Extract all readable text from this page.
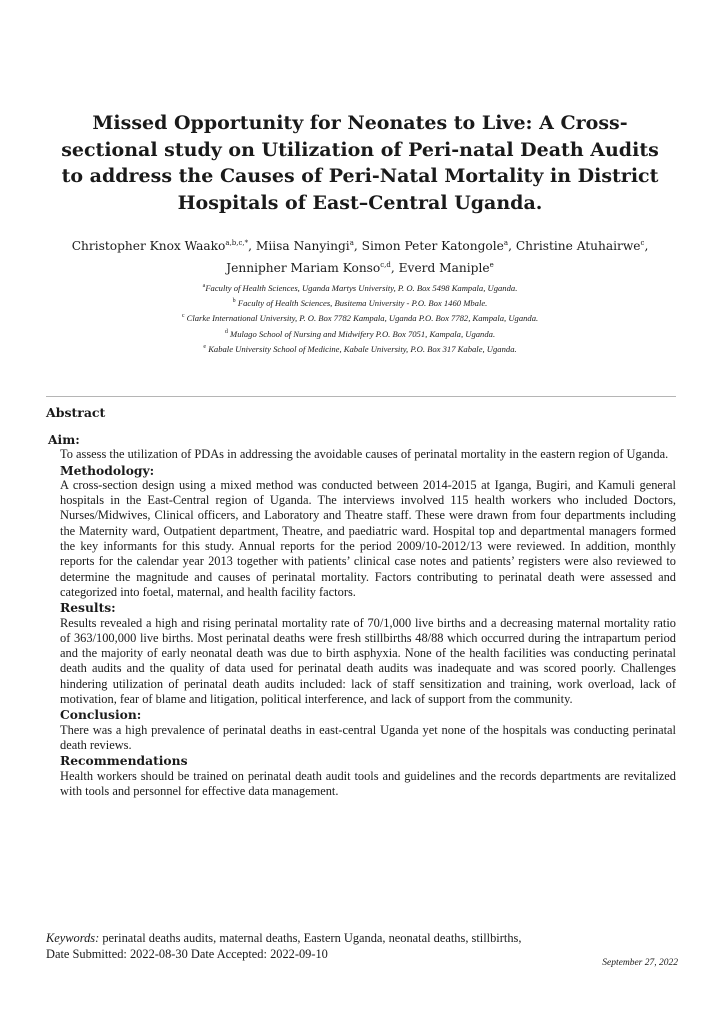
Missed Opportunity for Neonates to Live: A Cross-sectional study on Utilization of Peri-natal Death Audits to address the Causes of Peri-Natal Mortality in District Hospitals of East–Central Uganda.
Christopher Knox Waako$^{a,b,c,*}$, Miisa Nanyingi$^a$, Simon Peter Katongole$^a$, Christine Atuhairwe$^c$,
Jennipher Mariam Konso$^{c,d}$, Everd Maniple$^e$
$^a$Faculty of Health Sciences, Uganda Martys University, P. O. Box 5498 Kampala, Uganda.
$^b$ Faculty of Health Sciences, Busitema University - P.O. Box 1460 Mbale.
$^c$ Clarke International University, P. O. Box 7782 Kampala, Uganda P.O. Box 7782, Kampala, Uganda.
$^d$ Mulago School of Nursing and Midwifery P.O. Box 7051, Kampala, Uganda.
$^e$ Kabale University School of Medicine, Kabale University, P.O. Box 317 Kabale, Uganda.
Abstract
Aim:

To assess the utilization of PDAs in addressing the avoidable causes of perinatal mortality in the eastern region of Uganda.

Methodology:

A cross-section design using a mixed method was conducted between 2014-2015 at Iganga, Bugiri, and Kamuli general hospitals in the East-Central region of Uganda. The interviews involved 115 health workers who included Doctors, Nurses/Midwives, Clinical officers, and Laboratory and Theatre staff. These were drawn from four departments including the Maternity ward, Outpatient department, Theatre, and paediatric ward. Hospital top and departmental managers formed the key informants for this study. Annual reports for the period 2009/10-2012/13 were reviewed. In addition, monthly reports for the calendar year 2013 together with patients’ clinical case notes and patients’ registers were also reviewed to determine the magnitude and causes of perinatal mortality. Factors contributing to perinatal death were assessed and categorized into foetal, maternal, and health facility factors.

Results:

Results revealed a high and rising perinatal mortality rate of 70/1,000 live births and a decreasing maternal mortality ratio of 363/100,000 live births. Most perinatal deaths were fresh stillbirths 48/88 which occurred during the intrapartum period and the majority of early neonatal death was due to birth asphyxia. None of the health facilities was conducting perinatal death audits and the quality of data used for perinatal death audits was inadequate and was scored poorly. Challenges hindering utilization of perinatal death audits included: lack of staff sensitization and training, work overload, lack of motivation, fear of blame and litigation, political interference, and lack of support from the community.

Conclusion:

There was a high prevalence of perinatal deaths in east-central Uganda yet none of the hospitals was conducting perinatal death reviews.

Recommendations

Health workers should be trained on perinatal death audit tools and guidelines and the records departments are revitalized with tools and personnel for effective data management.

Keywords: perinatal deaths audits, maternal deaths, Eastern Uganda, neonatal deaths, stillbirths,
Date Submitted: 2022-08-30 Date Accepted: 2022-09-10
September 27, 2022
